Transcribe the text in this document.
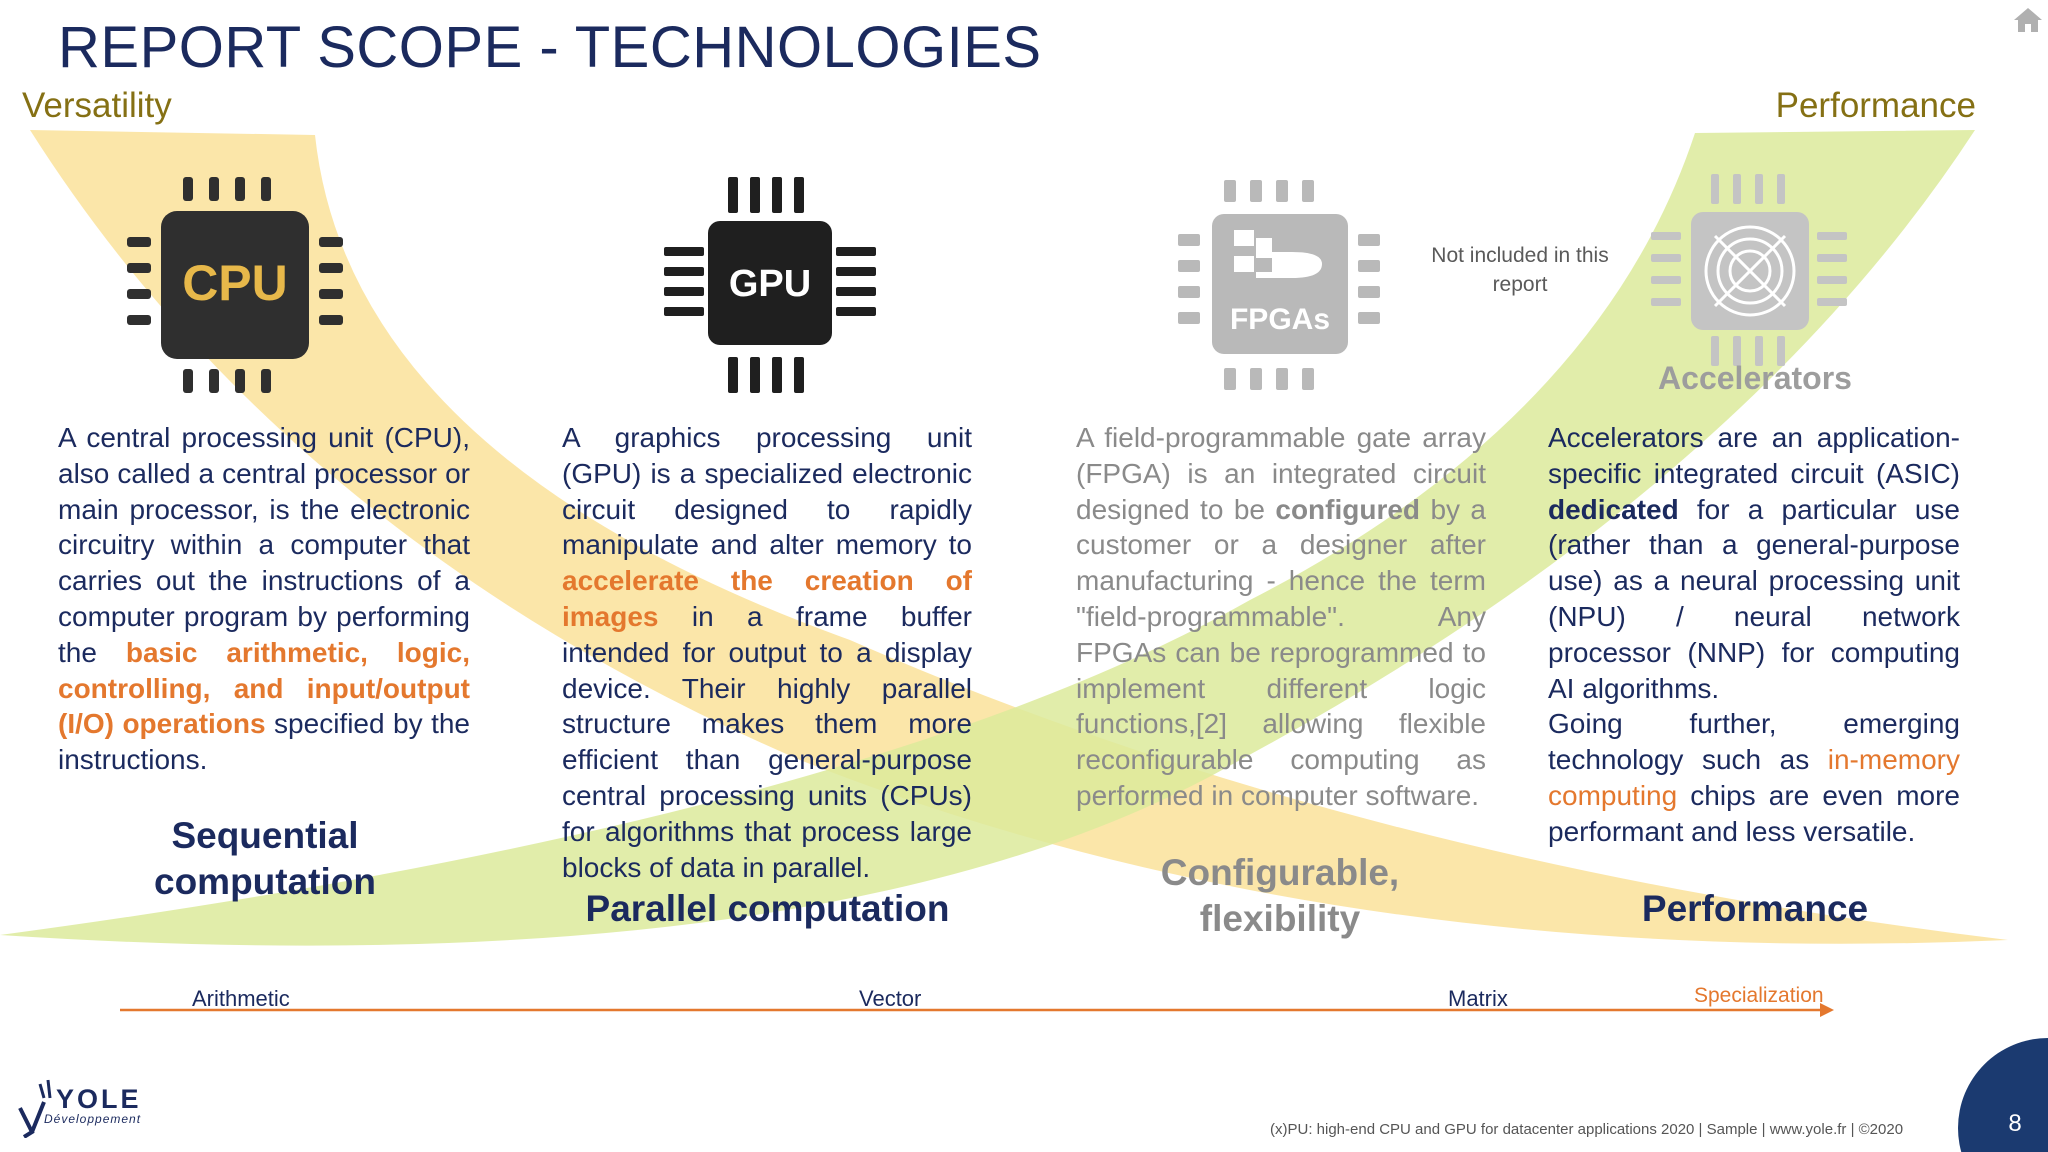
REPORT SCOPE - TECHNOLOGIES
Versatility	Performance
CPU	GPU
FPGAs
Accelerators
Not included in this report
A central processing unit (CPU), also called a central processor or main processor, is the electronic circuitry within a computer that carries out the instructions of a computer program by performing the basic arithmetic, logic, controlling, and input/output (I/O) operations specified by the instructions.
A graphics processing unit (GPU) is a specialized electronic circuit designed to rapidly manipulate and alter memory to accelerate the creation of images in a frame buffer intended for output to a display device. Their highly parallel structure makes them more efficient than general-purpose central processing units (CPUs) for algorithms that process large blocks of data in parallel.
A field-programmable gate array (FPGA) is an integrated circuit designed to be configured by a customer or a designer after manufacturing - hence the term "field-programmable". Any FPGAs can be reprogrammed to implement different logic functions,[2] allowing flexible reconfigurable computing as performed in computer software.
Accelerators are an application-specific integrated circuit (ASIC) dedicated for a particular use (rather than a general-purpose use) as a neural processing unit (NPU) / neural network processor (NNP) for computing AI algorithms.
Going further, emerging technology such as in-memory computing chips are even more performant and less versatile.
Sequential computation
Parallel computation
Configurable, flexibility	Performance
Arithmetic	Vector	Matrix	Specialization
YOLE
Développement
(x)PU: high-end CPU and GPU for datacenter applications 2020 | Sample | www.yole.fr | ©2020	8
